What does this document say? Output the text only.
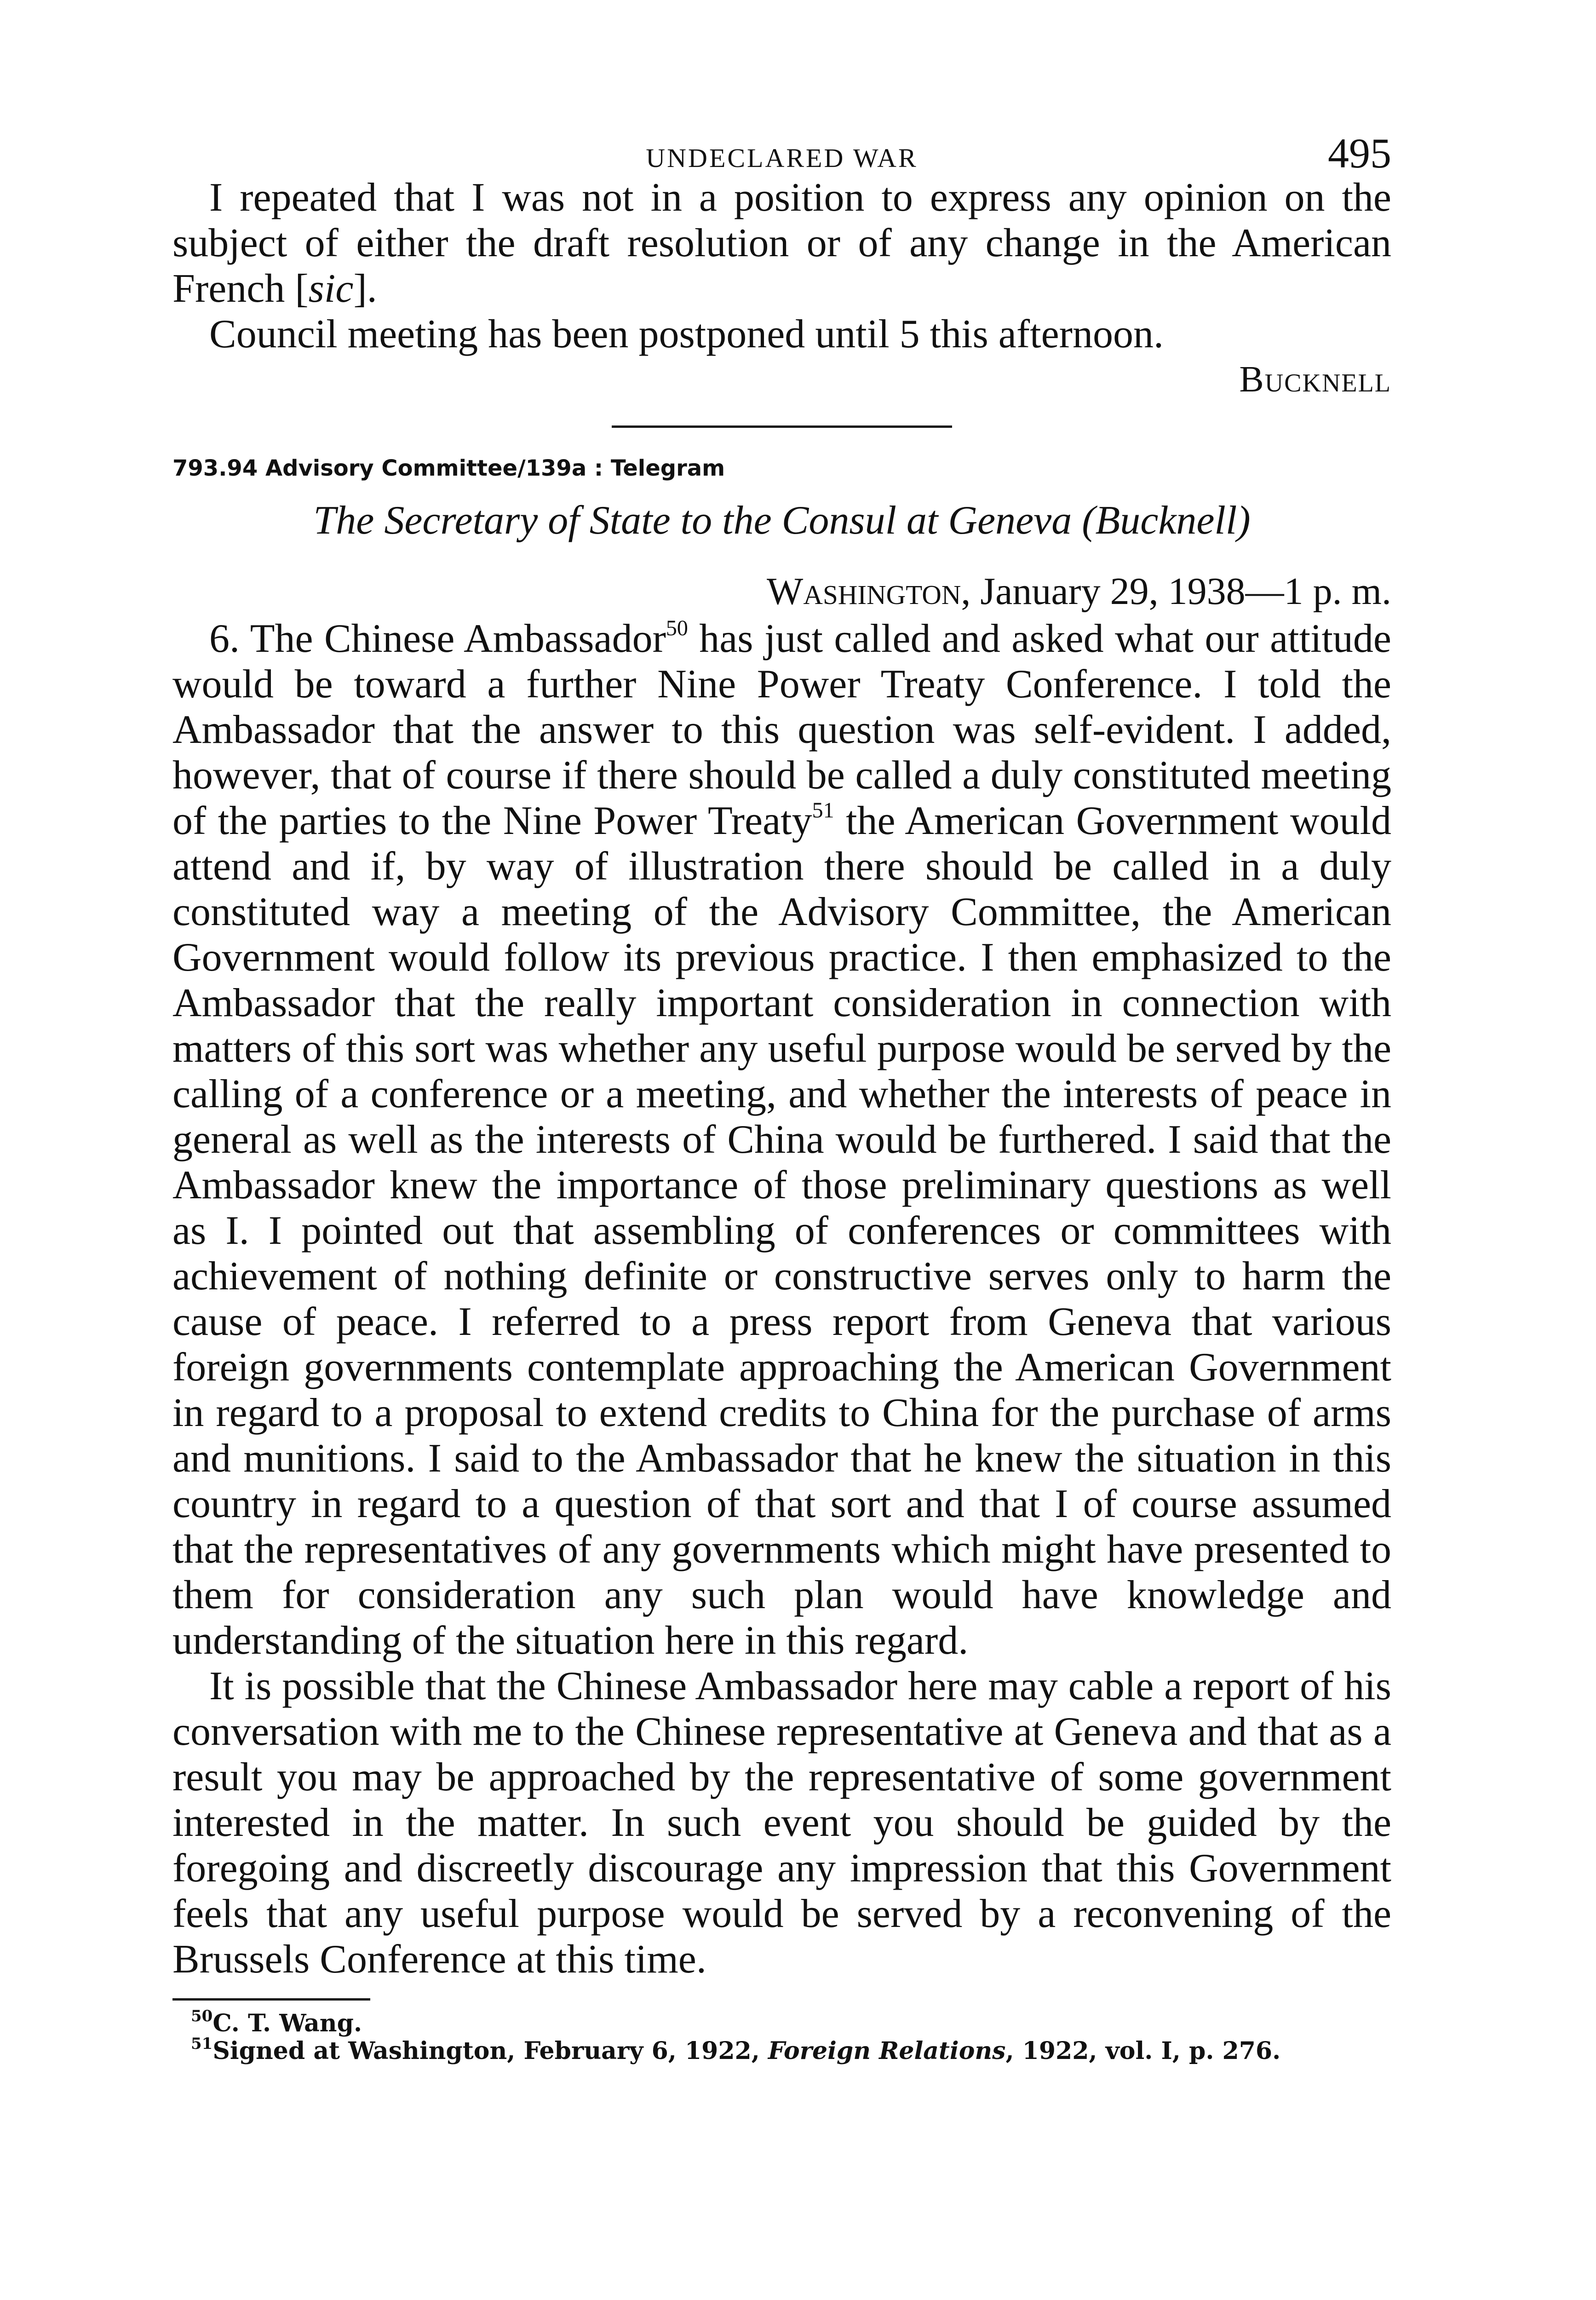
UNDECLARED WAR	495

I repeated that I was not in a position to express any opinion on the subject of either the draft resolution or of any change in the American French [sic].

Council meeting has been postponed until 5 this afternoon.

Bucknell
793.94 Advisory Committee/139a : Telegram
The Secretary of State to the Consul at Geneva (Bucknell)
Washington, January 29, 1938—1 p. m.

6. The Chinese Ambassador$^{50}$ has just called and asked what our attitude would be toward a further Nine Power Treaty Conference. I told the Ambassador that the answer to this question was self-evident. I added, however, that of course if there should be called a duly constituted meeting of the parties to the Nine Power Treaty$^{51}$ the American Government would attend and if, by way of illustration there should be called in a duly constituted way a meeting of the Advisory Committee, the American Government would follow its previous practice. I then emphasized to the Ambassador that the really important consideration in connection with matters of this sort was whether any useful purpose would be served by the calling of a conference or a meeting, and whether the interests of peace in general as well as the interests of China would be furthered. I said that the Ambassador knew the importance of those preliminary questions as well as I. I pointed out that assembling of conferences or committees with achievement of nothing definite or constructive serves only to harm the cause of peace. I referred to a press report from Geneva that various foreign governments contemplate approaching the American Government in regard to a proposal to extend credits to China for the purchase of arms and munitions. I said to the Ambassador that he knew the situation in this country in regard to a question of that sort and that I of course assumed that the representatives of any governments which might have presented to them for consideration any such plan would have knowledge and understanding of the situation here in this regard.

It is possible that the Chinese Ambassador here may cable a report of his conversation with me to the Chinese representative at Geneva and that as a result you may be approached by the representative of some government interested in the matter. In such event you should be guided by the foregoing and discreetly discourage any impression that this Government feels that any useful purpose would be served by a reconvening of the Brussels Conference at this time.

$^{50}$C. T. Wang.

$^{51}$Signed at Washington, February 6, 1922, Foreign Relations, 1922, vol. I, p. 276.
